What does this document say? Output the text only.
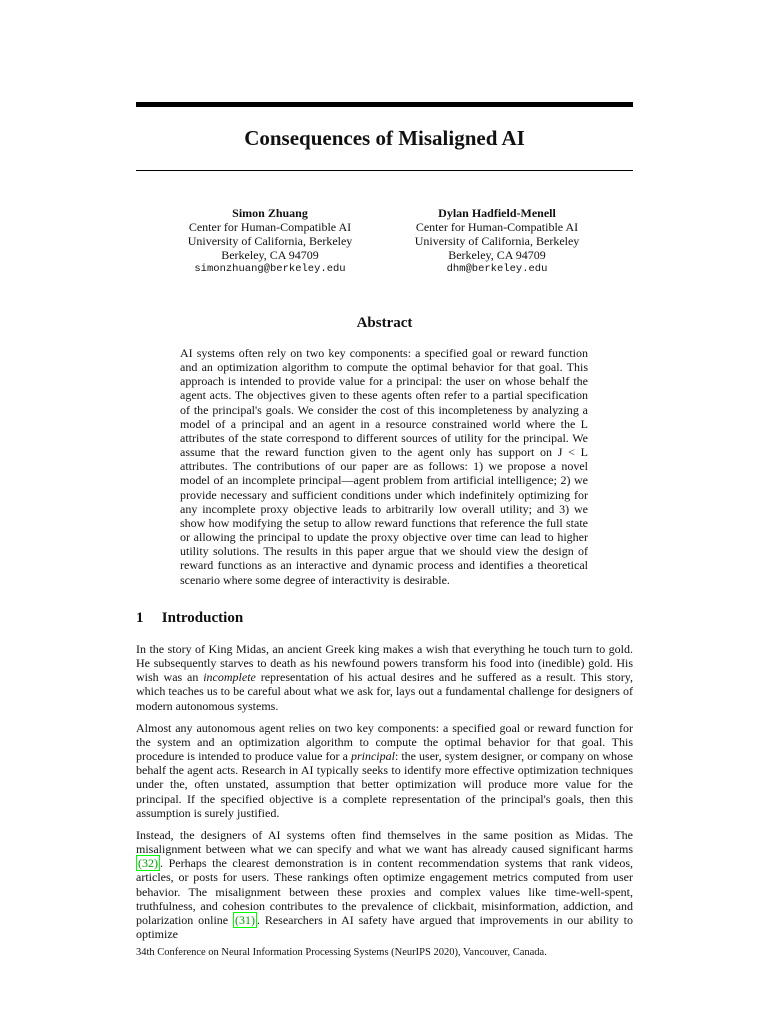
Consequences of Misaligned AI
Simon Zhuang
Center for Human-Compatible AI
University of California, Berkeley
Berkeley, CA 94709
simonzhuang@berkeley.edu
Dylan Hadfield-Menell
Center for Human-Compatible AI
University of California, Berkeley
Berkeley, CA 94709
dhm@berkeley.edu
Abstract
AI systems often rely on two key components: a specified goal or reward function and an optimization algorithm to compute the optimal behavior for that goal. This approach is intended to provide value for a principal: the user on whose behalf the agent acts. The objectives given to these agents often refer to a partial specification of the principal's goals. We consider the cost of this incompleteness by analyzing a model of a principal and an agent in a resource constrained world where the L attributes of the state correspond to different sources of utility for the principal. We assume that the reward function given to the agent only has support on J < L attributes. The contributions of our paper are as follows: 1) we propose a novel model of an incomplete principal—agent problem from artificial intelligence; 2) we provide necessary and sufficient conditions under which indefinitely optimizing for any incomplete proxy objective leads to arbitrarily low overall utility; and 3) we show how modifying the setup to allow reward functions that reference the full state or allowing the principal to update the proxy objective over time can lead to higher utility solutions. The results in this paper argue that we should view the design of reward functions as an interactive and dynamic process and identifies a theoretical scenario where some degree of interactivity is desirable.
1 Introduction

In the story of King Midas, an ancient Greek king makes a wish that everything he touch turn to gold. He subsequently starves to death as his newfound powers transform his food into (inedible) gold. His wish was an incomplete representation of his actual desires and he suffered as a result. This story, which teaches us to be careful about what we ask for, lays out a fundamental challenge for designers of modern autonomous systems.

Almost any autonomous agent relies on two key components: a specified goal or reward function for the system and an optimization algorithm to compute the optimal behavior for that goal. This procedure is intended to produce value for a principal: the user, system designer, or company on whose behalf the agent acts. Research in AI typically seeks to identify more effective optimization techniques under the, often unstated, assumption that better optimization will produce more value for the principal. If the specified objective is a complete representation of the principal's goals, then this assumption is surely justified.

Instead, the designers of AI systems often find themselves in the same position as Midas. The misalignment between what we can specify and what we want has already caused significant harms (32) . Perhaps the clearest demonstration is in content recommendation systems that rank videos, articles, or posts for users. These rankings often optimize engagement metrics computed from user behavior. The misalignment between these proxies and complex values like time-well-spent, truthfulness, and cohesion contributes to the prevalence of clickbait, misinformation, addiction, and polarization online (31) . Researchers in AI safety have argued that improvements in our ability to optimize

34th Conference on Neural Information Processing Systems (NeurIPS 2020), Vancouver, Canada.
